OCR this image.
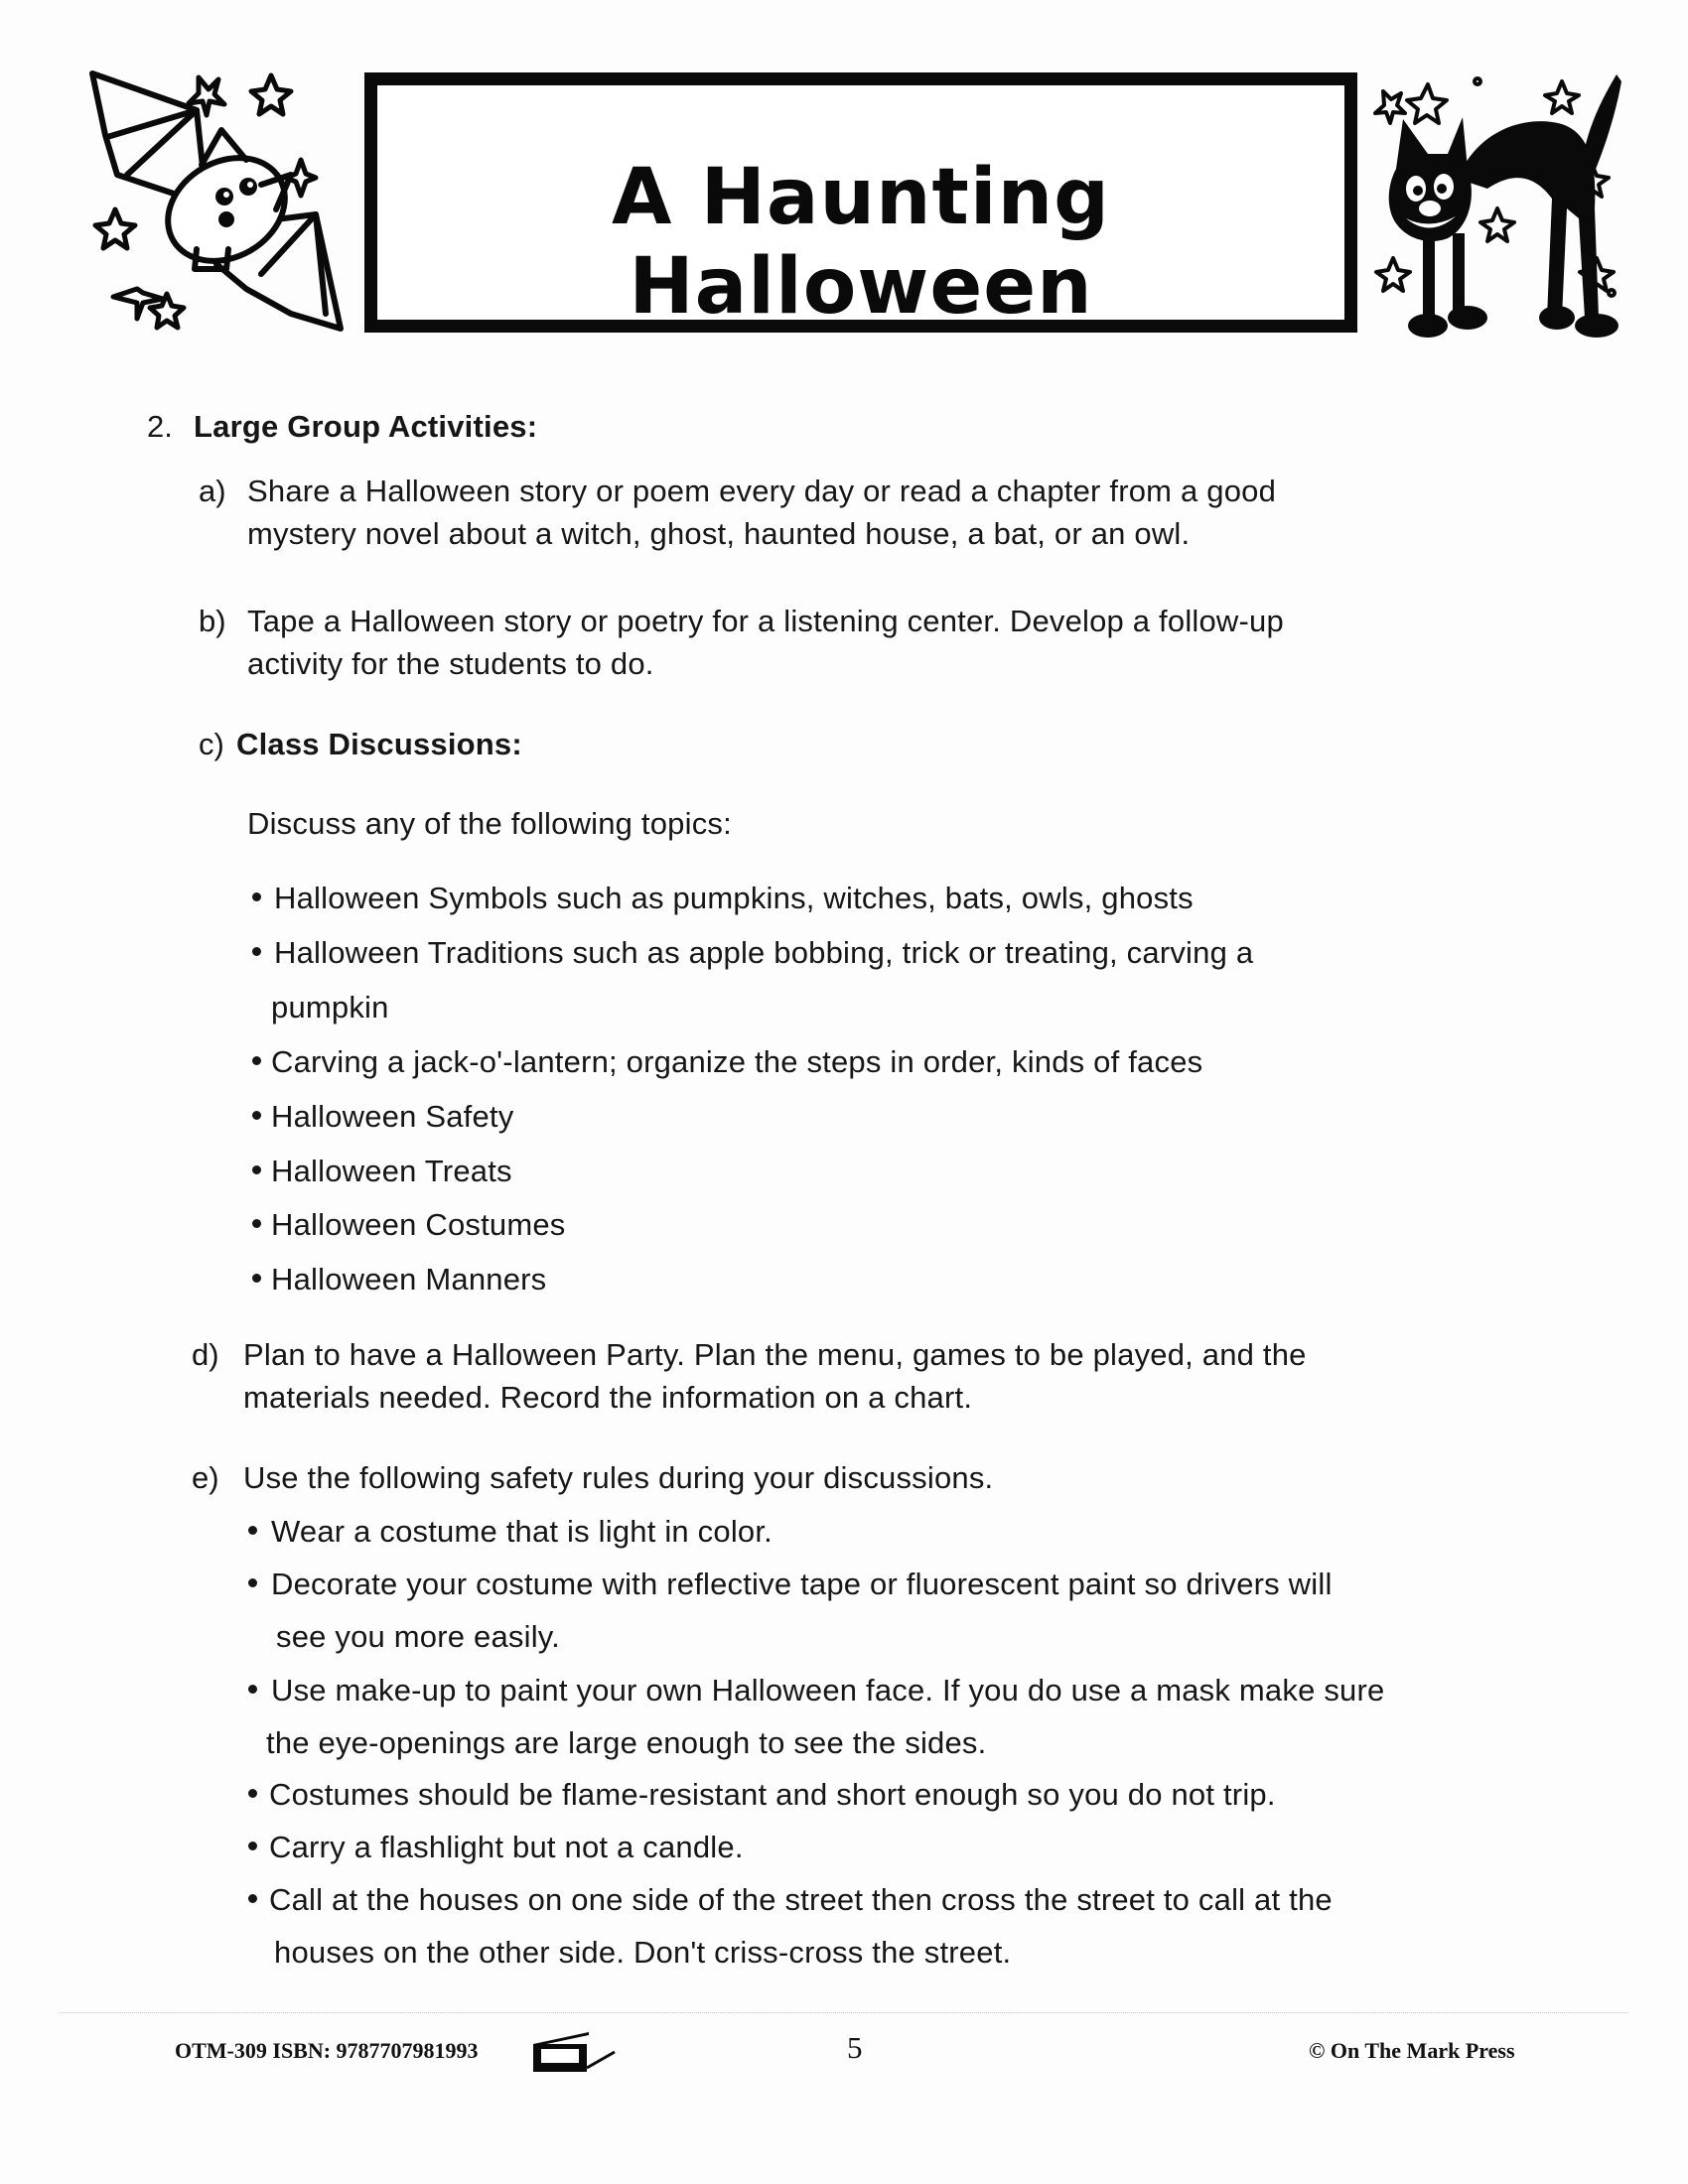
A Haunting Halloween
2. Large Group Activities:
a) Share a Halloween story or poem every day or read a chapter from a good
mystery novel about a witch, ghost, haunted house, a bat, or an owl.
b) Tape a Halloween story or poetry for a listening center. Develop a follow-up
activity for the students to do.
c) Class Discussions:
Discuss any of the following topics:
Halloween Symbols such as pumpkins, witches, bats, owls, ghosts
Halloween Traditions such as apple bobbing, trick or treating, carving a
pumpkin
Carving a jack-o'-lantern; organize the steps in order, kinds of faces
Halloween Safety
Halloween Treats
Halloween Costumes
Halloween Manners
d) Plan to have a Halloween Party. Plan the menu, games to be played, and the
materials needed. Record the information on a chart.
e) Use the following safety rules during your discussions.
Wear a costume that is light in color.
Decorate your costume with reflective tape or fluorescent paint so drivers will
see you more easily.
Use make-up to paint your own Halloween face. If you do use a mask make sure
the eye-openings are large enough to see the sides.
Costumes should be flame-resistant and short enough so you do not trip.
Carry a flashlight but not a candle.
Call at the houses on one side of the street then cross the street to call at the
houses on the other side. Don't criss-cross the street.
OTM-309 ISBN: 9787707981993	5	© On The Mark Press
